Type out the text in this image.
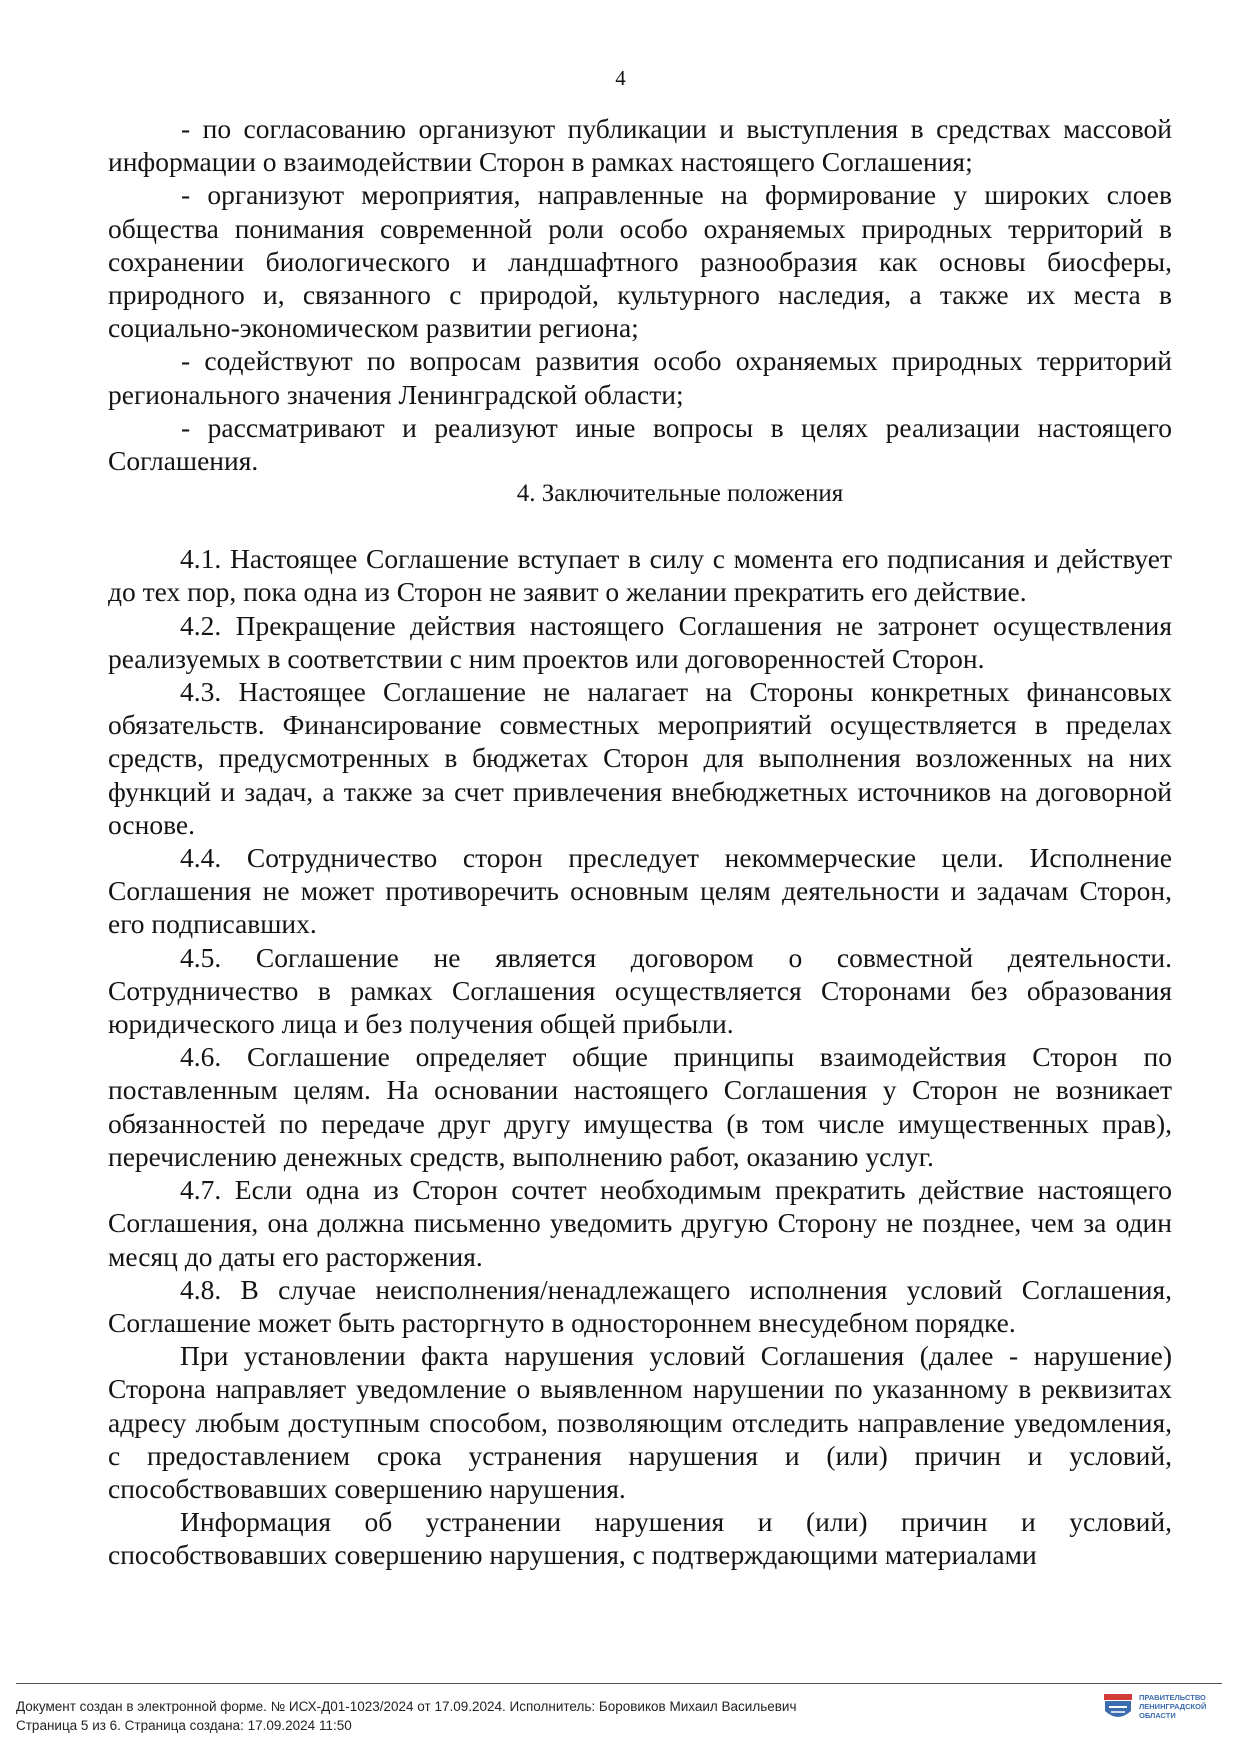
4

- по согласованию организуют публикации и выступления в средствах массовой информации о взаимодействии Сторон в рамках настоящего Соглашения;

- организуют мероприятия, направленные на формирование у широких слоев общества понимания современной роли особо охраняемых природных территорий в сохранении биологического и ландшафтного разнообразия как основы биосферы, природного и, связанного с природой, культурного наследия, а также их места в социально-экономическом развитии региона;

- содействуют по вопросам развития особо охраняемых природных территорий регионального значения Ленинградской области;

- рассматривают и реализуют иные вопросы в целях реализации настоящего Соглашения.

4. Заключительные положения

4.1. Настоящее Соглашение вступает в силу с момента его подписания и действует до тех пор, пока одна из Сторон не заявит о желании прекратить его действие.

4.2. Прекращение действия настоящего Соглашения не затронет осуществления реализуемых в соответствии с ним проектов или договоренностей Сторон.

4.3. Настоящее Соглашение не налагает на Стороны конкретных финансовых обязательств. Финансирование совместных мероприятий осуществляется в пределах средств, предусмотренных в бюджетах Сторон для выполнения возложенных на них функций и задач, а также за счет привлечения внебюджетных источников на договорной основе.

4.4. Сотрудничество сторон преследует некоммерческие цели. Исполнение Соглашения не может противоречить основным целям деятельности и задачам Сторон, его подписавших.

4.5. Соглашение не является договором о совместной деятельности. Сотрудничество в рамках Соглашения осуществляется Сторонами без образования юридического лица и без получения общей прибыли.

4.6. Соглашение определяет общие принципы взаимодействия Сторон по поставленным целям. На основании настоящего Соглашения у Сторон не возникает обязанностей по передаче друг другу имущества (в том числе имущественных прав), перечислению денежных средств, выполнению работ, оказанию услуг.

4.7. Если одна из Сторон сочтет необходимым прекратить действие настоящего Соглашения, она должна письменно уведомить другую Сторону не позднее, чем за один месяц до даты его расторжения.

4.8. В случае неисполнения/ненадлежащего исполнения условий Соглашения, Соглашение может быть расторгнуто в одностороннем внесудебном порядке.

При установлении факта нарушения условий Соглашения (далее - нарушение) Сторона направляет уведомление о выявленном нарушении по указанному в реквизитах адресу любым доступным способом, позволяющим отследить направление уведомления, с предоставлением срока устранения нарушения и (или) причин и условий, способствовавших совершению нарушения.

Информация об устранении нарушения и (или) причин и условий, способствовавших совершению нарушения, с подтверждающими материалами

Документ создан в электронной форме. № ИСХ-Д01-1023/2024 от 17.09.2024. Исполнитель: Боровиков Михаил Васильевич
Страница 5 из 6. Страница создана: 17.09.2024 11:50
ПРАВИТЕЛЬСТВО ЛЕНИНГРАДСКОЙ ОБЛАСТИ
